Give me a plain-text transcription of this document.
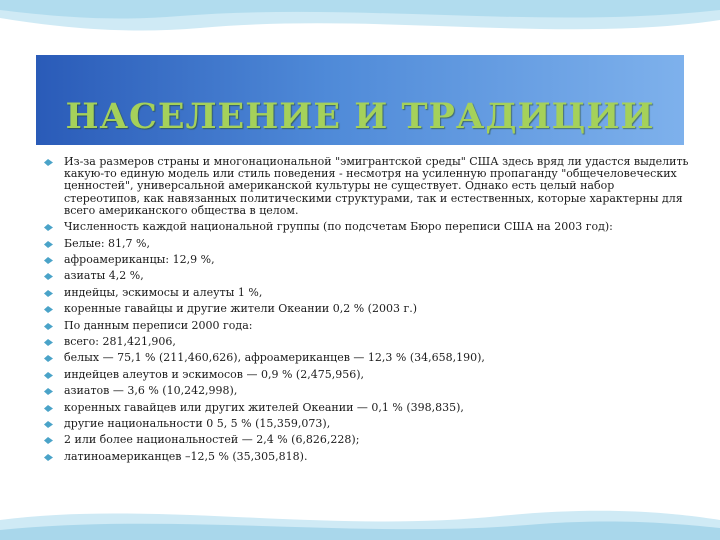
НАСЕЛЕНИЕ И ТРАДИЦИИ
Из-за размеров страны и многонациональной "эмигрантской среды" США здесь вряд ли удастся выделить какую-то единую модель или стиль поведения - несмотря на усиленную пропаганду "общечеловеческих ценностей", универсальной американской культуры не существует. Однако есть целый набор стереотипов, как навязанных политическими структурами, так и естественных, которые характерны для всего американского общества в целом.
Численность каждой национальной группы (по подсчетам Бюро переписи США на 2003 год):
Белые: 81,7 %,
афроамериканцы: 12,9 %,
азиаты 4,2 %,
индейцы, эскимосы и алеуты 1 %,
коренные гавайцы и другие жители Океании 0,2 % (2003 г.)
По данным переписи 2000 года:
всего: 281,421,906,
белых — 75,1 % (211,460,626), афроамериканцев — 12,3 % (34,658,190),
индейцев алеутов и эскимосов — 0,9 % (2,475,956),
азиатов — 3,6 % (10,242,998),
коренных гавайцев или других жителей Океании — 0,1 % (398,835),
другие национальности 0 5, 5 % (15,359,073),
2 или более национальностей — 2,4 % (6,826,228);
латиноамериканцев –12,5 % (35,305,818).
